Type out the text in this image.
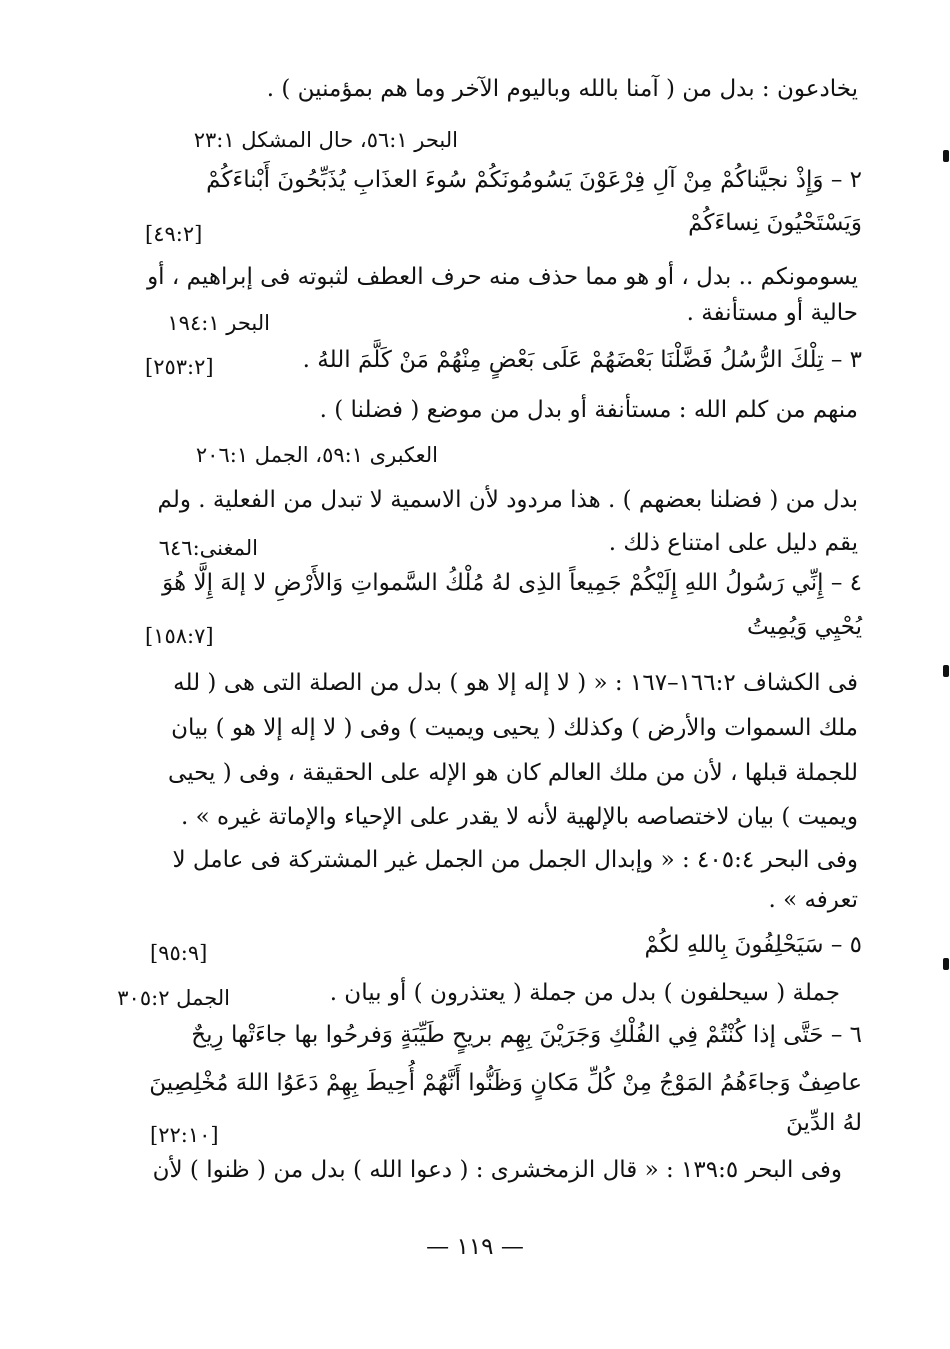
يخادعون : بدل من ( آمنا بالله وباليوم الآخر وما هم بمؤمنين ) .

البحر ٥٦:١، حال المشكل ٢٣:١

٢ – وَإِذْ نجيَّناكُمْ مِنْ آلِ فِرْعَوْنَ يَسُومُونَكُمْ سُوءَ العذَابِ يُذَبِّحُونَ أَبْناءَكُمْ

وَيَسْتَحْيُونَ نِساءَكُمْ

[٤٩:٢]

يسومونكم .. بدل ، أو هو مما حذف منه حرف العطف لثبوته فى إبراهيم ، أو

حالية أو مستأنفة .

البحر ١٩٤:١

٣ – تِلْكَ الرُّسُلُ فَضَّلْنَا بَعْضَهُمْ عَلَى بَعْضٍ مِنْهُمْ مَنْ كَلَّمَ اللهُ .

[٢٥٣:٢]

منهم من كلم الله : مستأنفة أو بدل من موضع ( فضلنا ) .

العكبرى ٥٩:١، الجمل ٢٠٦:١

بدل من ( فضلنا بعضهم ) . هذا مردود لأن الاسمية لا تبدل من الفعلية . ولم

يقم دليل على امتناع ذلك .

المغنى:٦٤٦

٤ – إِنِّي رَسُولُ اللهِ إِلَيْكُمْ جَمِيعاً الذِى لهُ مُلْكُ السَّمواتِ وَالأَرْضِ لا إلهَ إِلَّا هُوَ

يُحْيِي وَيُمِيتُ

[١٥٨:٧]

فى الكشاف ١٦٦:٢–١٦٧ : « ( لا إله إلا هو ) بدل من الصلة التى هى ( لله

ملك السموات والأرض ) وكذلك ( يحيى ويميت ) وفى ( لا إله إلا هو ) بيان

للجملة قبلها ، لأن من ملك العالم كان هو الإله على الحقيقة ، وفى ( يحيى

ويميت ) بيان لاختصاصه بالإلهية لأنه لا يقدر على الإحياء والإماتة غيره » .

وفى البحر ٤٠٥:٤ : « وإبدال الجمل من الجمل غير المشتركة فى عامل لا

تعرفه » .

٥ – سَيَحْلِفُونَ بِاللهِ لكُمْ

[٩٥:٩]

جملة ( سيحلفون ) بدل من جملة ( يعتذرون ) أو بيان .

الجمل ٣٠٥:٢

٦ – حَتَّى إذا كُنْتُمْ فِي الفُلْكِ وَجَرَيْنَ بِهِم بريحٍ طَيِّبَةٍ وَفرحُوا بها جاءَتْها رِيحٌ

عاصِفٌ وَجاءَهُمُ المَوْجُ مِنْ كُلِّ مَكانٍ وَظَنُّوا أَنَّهُمْ أُحِيطَ بِهِمْ دَعَوُا اللهَ مُخْلِصِينَ

لهُ الدِّينَ

[٢٢:١٠]

وفى البحر ١٣٩:٥ : « قال الزمخشرى : ( دعوا الله ) بدل من ( ظنوا ) لأن

— ١١٩ —
